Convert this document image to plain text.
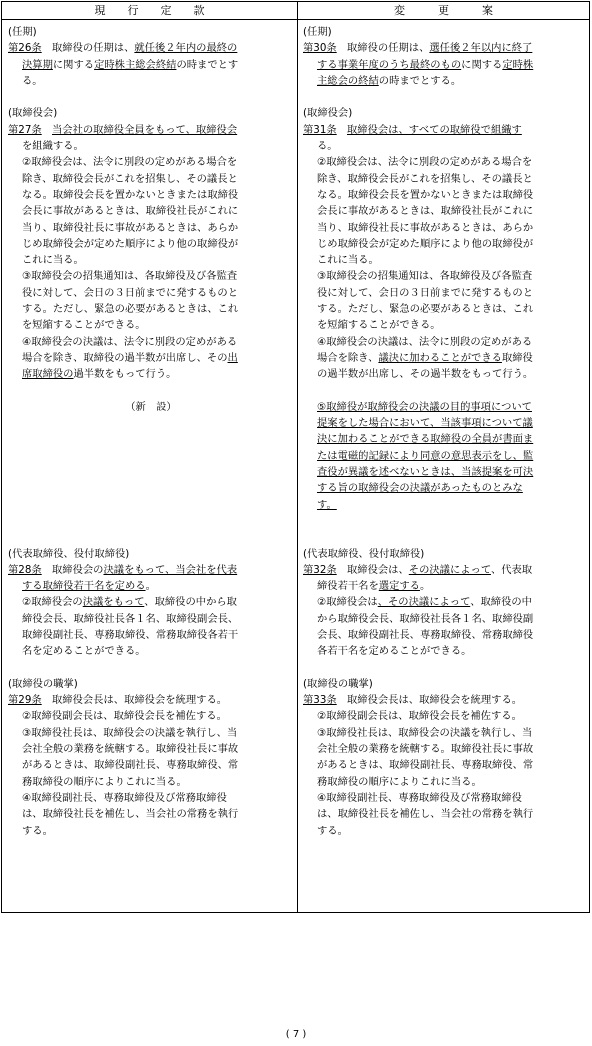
現　　行　　定　　款	変　　　更　　　案
(任期)
第26条　取締役の任期は、就任後２年内の最終の
決算期に関する定時株主総会終結の時までとす
る。
(取締役会)
第27条　 当会社の取締役全員をもって、取締役会
を組織する。
②取締役会は、法令に別段の定めがある場合を
除き、取締役会長がこれを招集し、その議長と
なる。取締役会長を置かないときまたは取締役
会長に事故があるときは、取締役社長がこれに
当り、取締役社長に事故があるときは、あらか
じめ取締役会が定めた順序により他の取締役が
これに当る。
③取締役会の招集通知は、各取締役及び各監査
役に対して、会日の３日前までに発するものと
する。ただし、緊急の必要があるときは、これ
を短縮することができる。
④取締役会の決議は、法令に別段の定めがある
場合を除き、取締役の過半数が出席し、その出
席取締役の過半数をもって行う。
（新　設）
(代表取締役、役付取締役)
第28条　取締役会の決議をもって、当会社を代表
する取締役若干名を定める。
②取締役会の決議をもって、取締役の中から取
締役会長、取締役社長各１名、取締役副会長、
取締役副社長、専務取締役、常務取締役各若干
名を定めることができる。
(取締役の職掌)
第29条　取締役会長は、取締役会を統理する。
②取締役副会長は、取締役会長を補佐する。
③取締役社長は、取締役会の決議を執行し、当
会社全般の業務を統轄する。取締役社長に事故
があるときは、取締役副社長、専務取締役、常
務取締役の順序によりこれに当る。
④取締役副社長、専務取締役及び常務取締役
は、取締役社長を補佐し、当会社の常務を執行
する。
(任期)
第30条　取締役の任期は、選任後２年以内に終了
する事業年度のうち最終のものに関する定時株
主総会の終結の時までとする。
(取締役会)
第31条　 取締役会は、すべての取締役で組織す
る。
②取締役会は、法令に別段の定めがある場合を
除き、取締役会長がこれを招集し、その議長と
なる。取締役会長を置かないときまたは取締役
会長に事故があるときは、取締役社長がこれに
当り、取締役社長に事故があるときは、あらか
じめ取締役会が定めた順序により他の取締役が
これに当る。
③取締役会の招集通知は、各取締役及び各監査
役に対して、会日の３日前までに発するものと
する。ただし、緊急の必要があるときは、これ
を短縮することができる。
④取締役会の決議は、法令に別段の定めがある
場合を除き、議決に加わることができる取締役
の過半数が出席し、その過半数をもって行う。
⑤取締役が取締役会の決議の目的事項について
提案をした場合において、当該事項について議
決に加わることができる取締役の全員が書面ま
たは電磁的記録により同意の意思表示をし、監
査役が異議を述べないときは、当該提案を可決
する旨の取締役会の決議があったものとみな
す。
(代表取締役、役付取締役)
第32条　取締役会は、その決議によって、代表取
締役若干名を選定する。
②取締役会は、その決議によって、取締役の中
から取締役会長、取締役社長各１名、取締役副
会長、取締役副社長、専務取締役、常務取締役
各若干名を定めることができる。
(取締役の職掌)
第33条　取締役会長は、取締役会を統理する。
②取締役副会長は、取締役会長を補佐する。
③取締役社長は、取締役会の決議を執行し、当
会社全般の業務を統轄する。取締役社長に事故
があるときは、取締役副社長、専務取締役、常
務取締役の順序によりこれに当る。
④取締役副社長、専務取締役及び常務取締役
は、取締役社長を補佐し、当会社の常務を執行
する。
( 7 )
